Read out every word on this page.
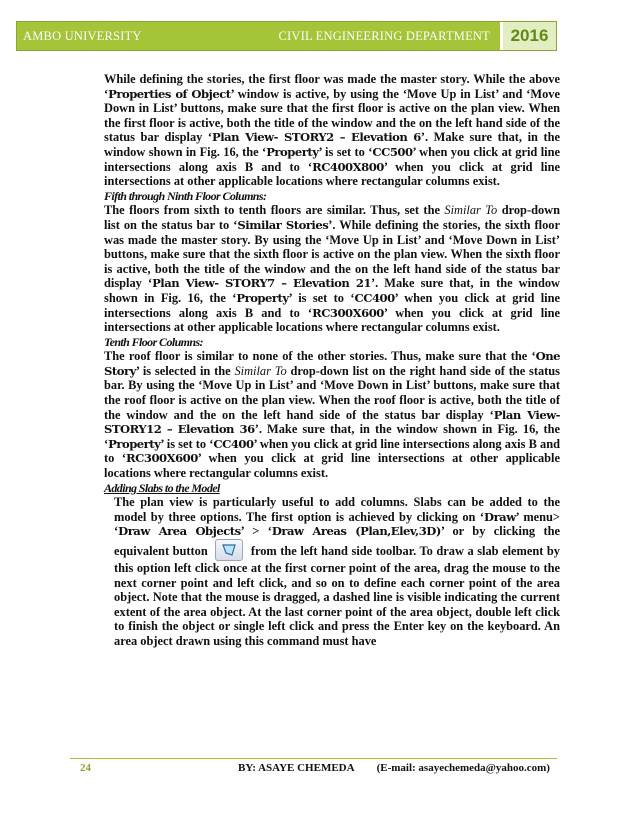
AMBO UNIVERSITY	CIVIL ENGINEERING DEPARTMENT	2016

While defining the stories, the first floor was made the master story. While the above ‘Properties of Object’ window is active, by using the ‘Move Up in List’ and ‘Move Down in List’ buttons, make sure that the first floor is active on the plan view. When the first floor is active, both the title of the window and the on the left hand side of the status bar display ‘Plan View- STORY2 – Elevation 6’. Make sure that, in the window shown in Fig. 16, the ‘Property’ is set to ‘CC500’ when you click at grid line intersections along axis B and to ‘RC400X800’ when you click at grid line intersections at other applicable locations where rectangular columns exist.

Fifth through Ninth Floor Columns:

The floors from sixth to tenth floors are similar. Thus, set the Similar To drop-down list on the status bar to ‘Similar Stories’. While defining the stories, the sixth floor was made the master story. By using the ‘Move Up in List’ and ‘Move Down in List’ buttons, make sure that the sixth floor is active on the plan view. When the sixth floor is active, both the title of the window and the on the left hand side of the status bar display ‘Plan View- STORY7 – Elevation 21’. Make sure that, in the window shown in Fig. 16, the ‘Property’ is set to ‘CC400’ when you click at grid line intersections along axis B and to ‘RC300X600’ when you click at grid line intersections at other applicable locations where rectangular columns exist.

Tenth Floor Columns:

The roof floor is similar to none of the other stories. Thus, make sure that the ‘One Story’ is selected in the Similar To drop-down list on the right hand side of the status bar. By using the ‘Move Up in List’ and ‘Move Down in List’ buttons, make sure that the roof floor is active on the plan view. When the roof floor is active, both the title of the window and the on the left hand side of the status bar display ‘Plan View- STORY12 – Elevation 36’. Make sure that, in the window shown in Fig. 16, the ‘Property’ is set to ‘CC400’ when you click at grid line intersections along axis B and to ‘RC300X600’ when you click at grid line intersections at other applicable locations where rectangular columns exist.

Adding Slabs to the Model

The plan view is particularly useful to add columns. Slabs can be added to the model by three options. The first option is achieved by clicking on ‘Draw’ menu> ‘Draw Area Objects’ > ‘Draw Areas (Plan,Elev,3D)’ or by clicking the equivalent button	from the left hand side toolbar. To draw a slab element by this option left click once at the first corner point of the area, drag the mouse to the next corner point and left click, and so on to define each corner point of the area object. Note that the mouse is dragged, a dashed line is visible indicating the current extent of the area object. At the last corner point of the area object, double left click to finish the object or single left click and press the Enter key on the keyboard. An area object drawn using this command must have

24	BY: ASAYE CHEMEDA (E-mail: asayechemeda@yahoo.com)
